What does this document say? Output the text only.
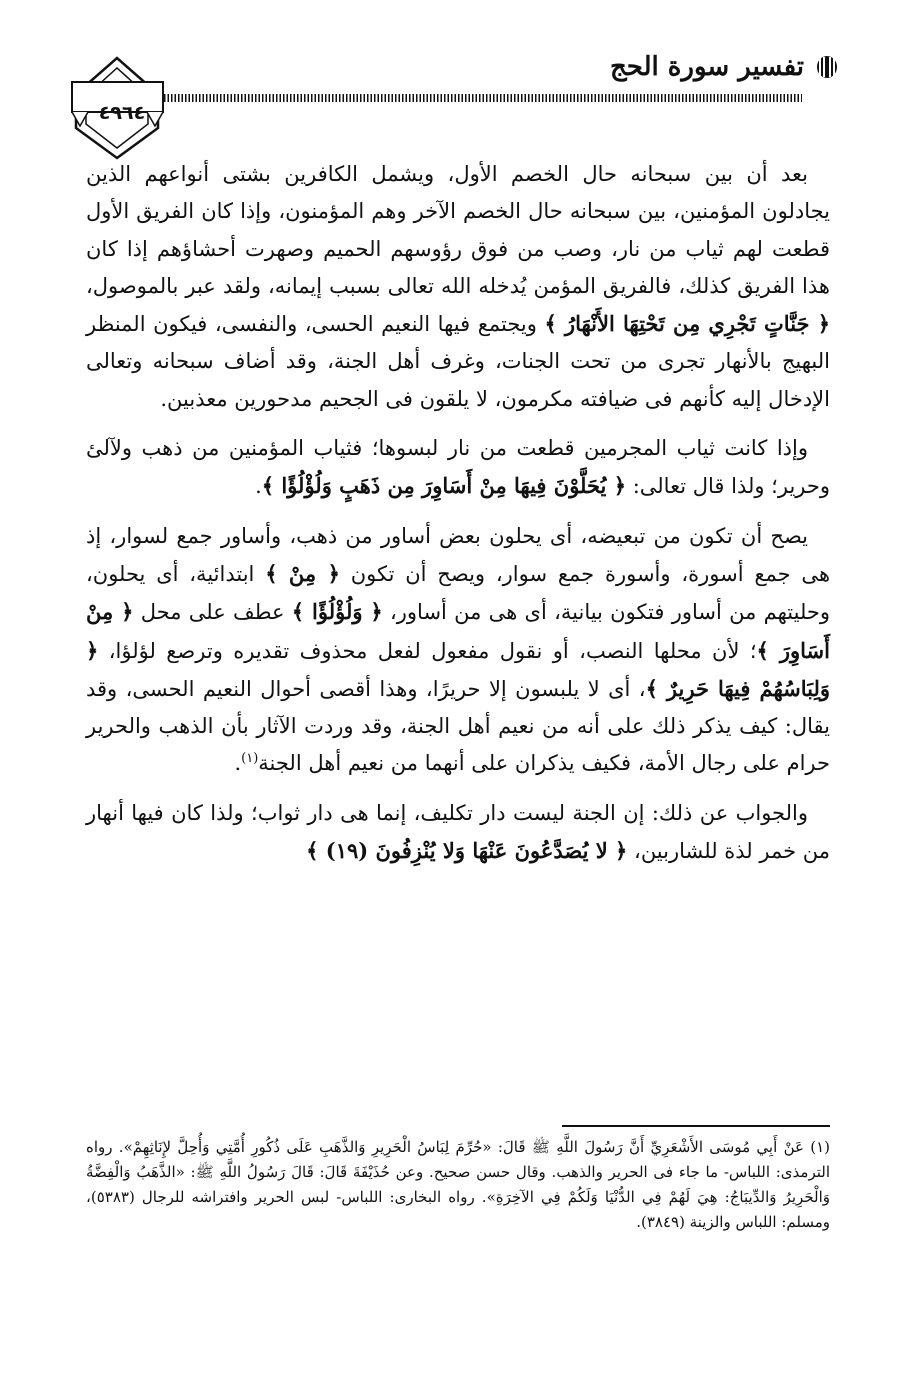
تفسير سورة الحج
٤٩٦٤

بعد أن بين سبحانه حال الخصم الأول، ويشمل الكافرين بشتى أنواعهم الذين يجادلون المؤمنين، بين سبحانه حال الخصم الآخر وهم المؤمنون، وإذا كان الفريق الأول قطعت لهم ثياب من نار، وصب من فوق رؤوسهم الحميم وصهرت أحشاؤهم إذا كان هذا الفريق كذلك، فالفريق المؤمن يُدخله الله تعالى بسبب إيمانه، ولقد عبر بالموصول، ﴿ جَنَّاتٍ تَجْرِي مِن تَحْتِهَا الأَنْهَارُ ﴾ ويجتمع فيها النعيم الحسى، والنفسى، فيكون المنظر البهيج بالأنهار تجرى من تحت الجنات، وغرف أهل الجنة، وقد أضاف سبحانه وتعالى الإدخال إليه كأنهم فى ضيافته مكرمون، لا يلقون فى الجحيم مدحورين معذبين.

وإذا كانت ثياب المجرمين قطعت من نار لبسوها؛ فثياب المؤمنين من ذهب ولآلئ وحرير؛ ولذا قال تعالى: ﴿ يُحَلَّوْنَ فِيهَا مِنْ أَسَاوِرَ مِن ذَهَبٍ وَلُؤْلُؤًا ﴾.

يصح أن تكون من تبعيضه، أى يحلون بعض أساور من ذهب، وأساور جمع لسوار، إذ هى جمع أسورة، وأسورة جمع سوار، ويصح أن تكون ﴿ مِنْ ﴾ ابتدائية، أى يحلون، وحليتهم من أساور فتكون بيانية، أى هى من أساور، ﴿ وَلُؤْلُؤًا ﴾ عطف على محل ﴿ مِنْ أَسَاوِرَ ﴾؛ لأن محلها النصب، أو نقول مفعول لفعل محذوف تقديره وترصع لؤلؤا، ﴿ وَلِبَاسُهُمْ فِيهَا حَرِيرٌ ﴾، أى لا يلبسون إلا حريرًا، وهذا أقصى أحوال النعيم الحسى، وقد يقال: كيف يذكر ذلك على أنه من نعيم أهل الجنة، وقد وردت الآثار بأن الذهب والحرير حرام على رجال الأمة، فكيف يذكران على أنهما من نعيم أهل الجنة$^{(١)}$.

والجواب عن ذلك: إن الجنة ليست دار تكليف، إنما هى دار ثواب؛ ولذا كان فيها أنهار من خمر لذة للشاربين، ﴿ لا يُصَدَّعُونَ عَنْهَا وَلا يُنْزِفُونَ (١٩) ﴾

(١) عَنْ أَبِي مُوسَى الأَشْعَرِيِّ أَنَّ رَسُولَ اللَّهِ ﷺ قَالَ: «حُرِّمَ لِبَاسُ الْحَرِيرِ وَالذَّهَبِ عَلَى ذُكُورِ أُمَّتِي وَأُحِلَّ لإِنَاثِهِمْ». رواه الترمذى: اللباس- ما جاء فى الحرير والذهب. وقال حسن صحيح. وعن حُذَيْفَةَ قَالَ: قَالَ رَسُولُ اللَّهِ ﷺ: «الذَّهَبُ وَالْفِضَّةُ وَالْحَرِيرُ وَالدِّيبَاجُ: هِيَ لَهُمْ فِي الدُّنْيَا وَلَكُمْ فِي الآخِرَةِ». رواه البخارى: اللباس- لبس الحرير وافتراشه للرجال (٥٣٨٣)، ومسلم: اللباس والزينة (٣٨٤٩).
